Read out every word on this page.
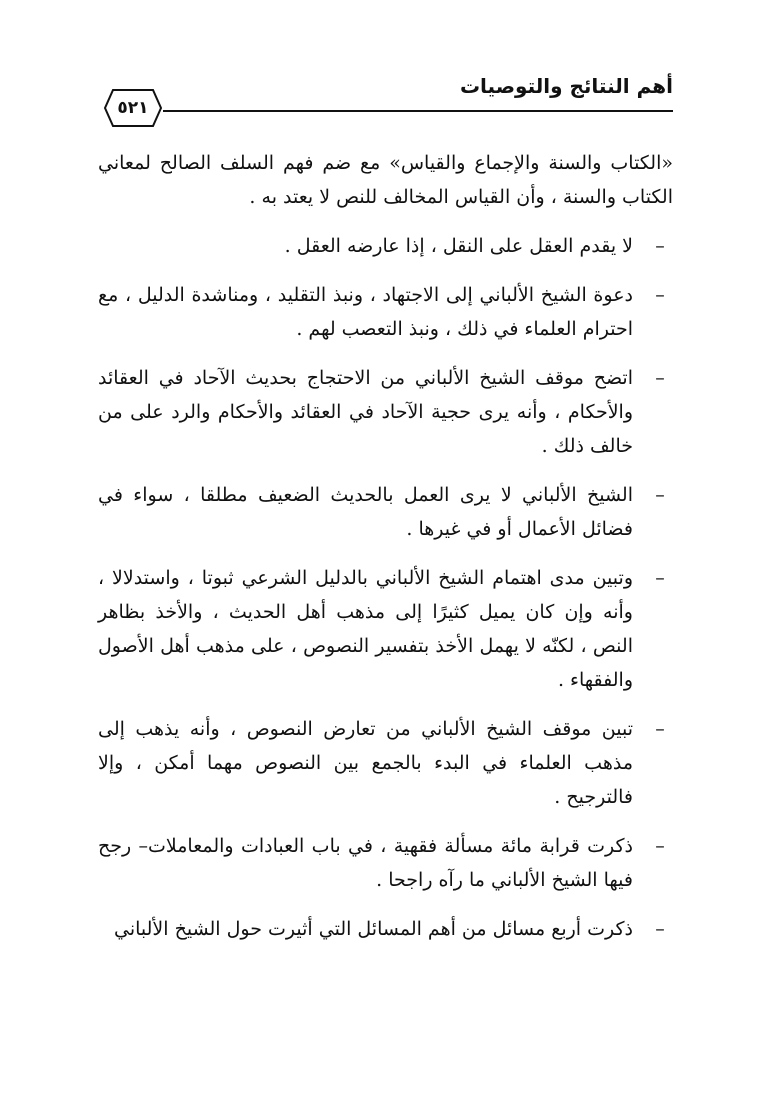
أهم النتائج والتوصيات
٥٢١

«الكتاب والسنة والإجماع والقياس» مع ضم فهم السلف الصالح لمعاني الكتاب والسنة ، وأن القياس المخالف للنص لا يعتد به .

–
لا يقدم العقل على النقل ، إذا عارضه العقل .
–
دعوة الشيخ الألباني إلى الاجتهاد ، ونبذ التقليد ، ومناشدة الدليل ، مع احترام العلماء في ذلك ، ونبذ التعصب لهم .
–
اتضح موقف الشيخ الألباني من الاحتجاج بحديث الآحاد في العقائد والأحكام ، وأنه يرى حجية الآحاد في العقائد والأحكام والرد على من خالف ذلك .
–
الشيخ الألباني لا يرى العمل بالحديث الضعيف مطلقا ، سواء في فضائل الأعمال أو في غيرها .
–
وتبين مدى اهتمام الشيخ الألباني بالدليل الشرعي ثبوتا ، واستدلالا ، وأنه وإن كان يميل كثيرًا إلى مذهب أهل الحديث ، والأخذ بظاهر النص ، لكنّه لا يهمل الأخذ بتفسير النصوص ، على مذهب أهل الأصول والفقهاء .
–
تبين موقف الشيخ الألباني من تعارض النصوص ، وأنه يذهب إلى مذهب العلماء في البدء بالجمع بين النصوص مهما أمكن ، وإلا فالترجيح .
–
ذكرت قرابة مائة مسألة فقهية ، في باب العبادات والمعاملات– رجح فيها الشيخ الألباني ما رآه راجحا .
–
ذكرت أربع مسائل من أهم المسائل التي أثيرت حول الشيخ الألباني
